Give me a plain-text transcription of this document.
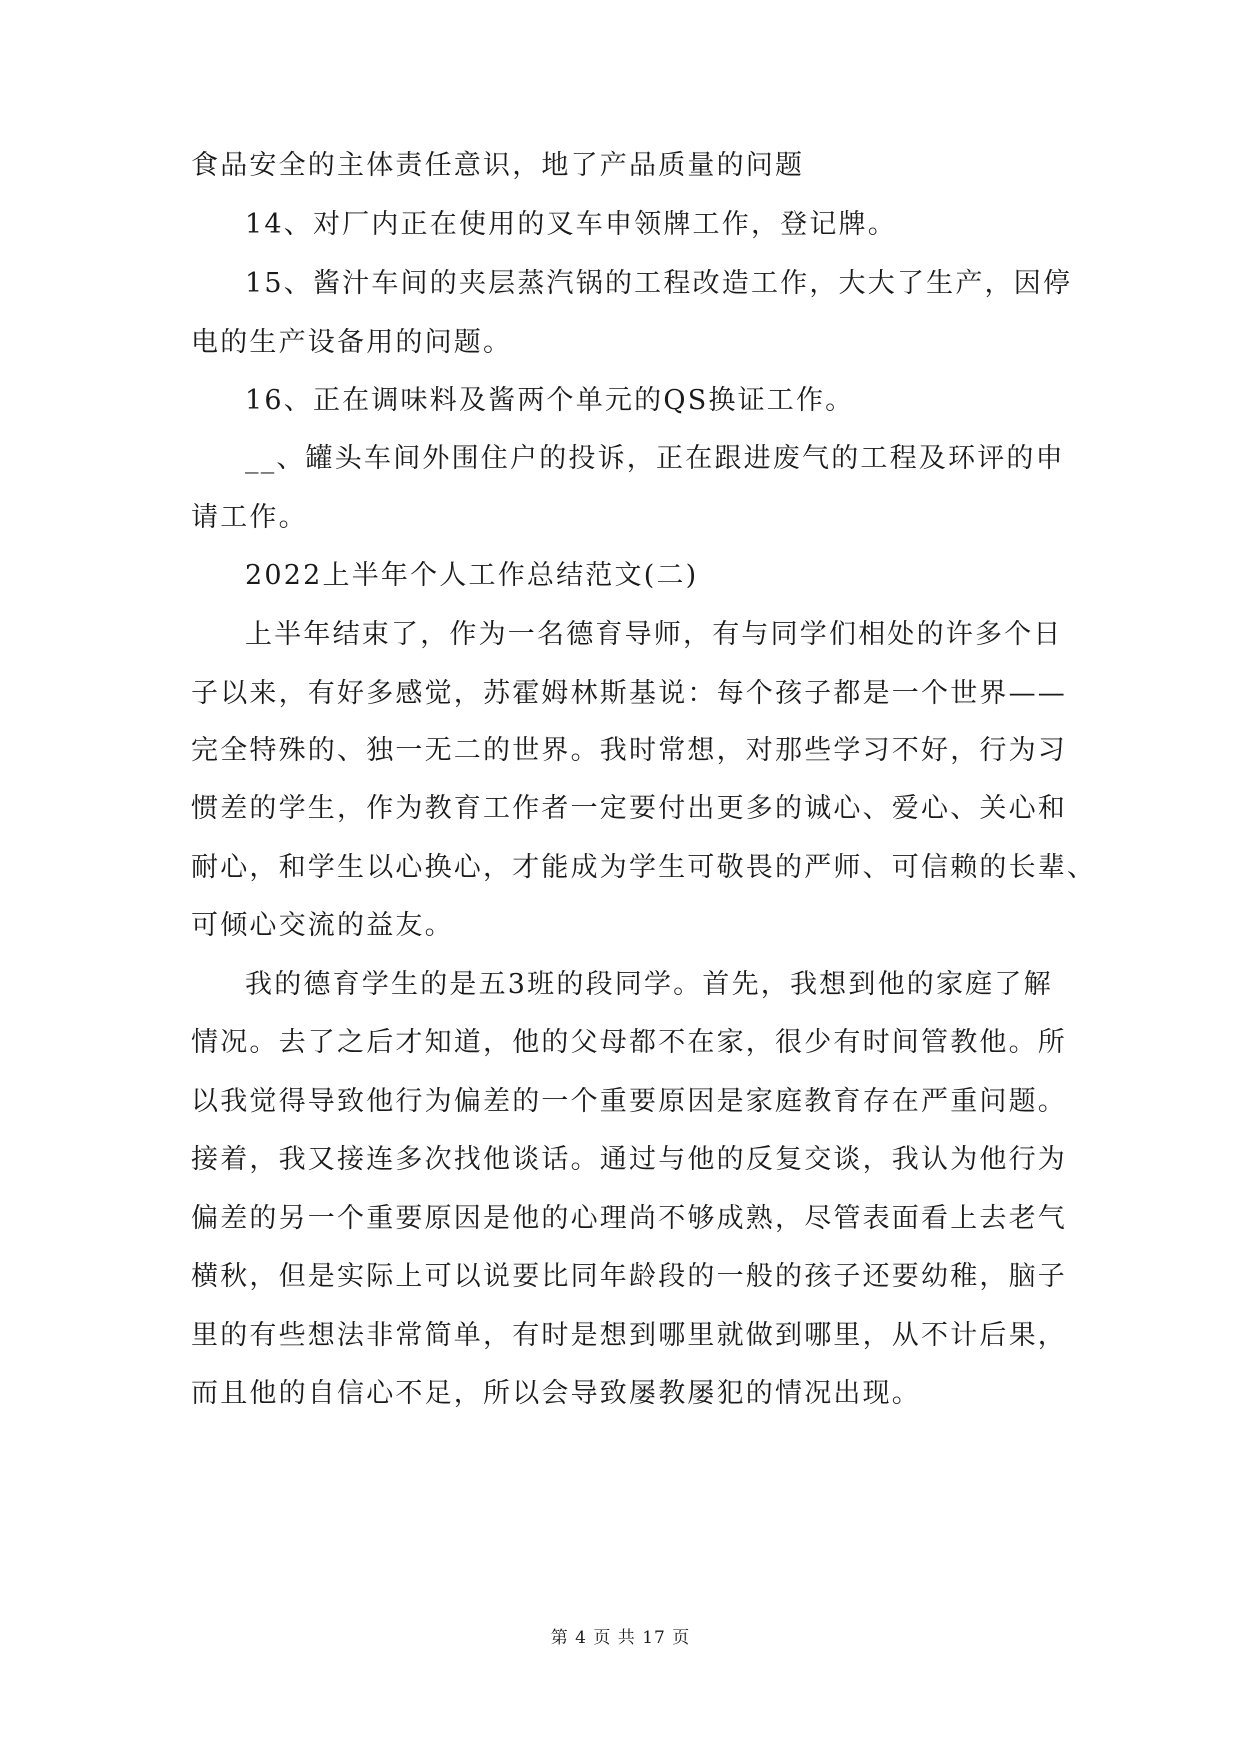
食品安全的主体责任意识，地了产品质量的问题
14、对厂内正在使用的叉车申领牌工作，登记牌。
15、酱汁车间的夹层蒸汽锅的工程改造工作，大大了生产，因停
电的生产设备用的问题。
16、正在调味料及酱两个单元的QS换证工作。
__、罐头车间外围住户的投诉，正在跟进废气的工程及环评的申
请工作。
2022上半年个人工作总结范文(二)
上半年结束了，作为一名德育导师，有与同学们相处的许多个日
子以来，有好多感觉，苏霍姆林斯基说：每个孩子都是一个世界——
完全特殊的、独一无二的世界。我时常想，对那些学习不好，行为习
惯差的学生，作为教育工作者一定要付出更多的诚心、爱心、关心和
耐心，和学生以心换心，才能成为学生可敬畏的严师、可信赖的长辈、
可倾心交流的益友。
我的德育学生的是五3班的段同学。首先，我想到他的家庭了解
情况。去了之后才知道，他的父母都不在家，很少有时间管教他。所
以我觉得导致他行为偏差的一个重要原因是家庭教育存在严重问题。
接着，我又接连多次找他谈话。通过与他的反复交谈，我认为他行为
偏差的另一个重要原因是他的心理尚不够成熟，尽管表面看上去老气
横秋，但是实际上可以说要比同年龄段的一般的孩子还要幼稚，脑子
里的有些想法非常简单，有时是想到哪里就做到哪里，从不计后果，
而且他的自信心不足，所以会导致屡教屡犯的情况出现。
第 4 页 共 17 页
